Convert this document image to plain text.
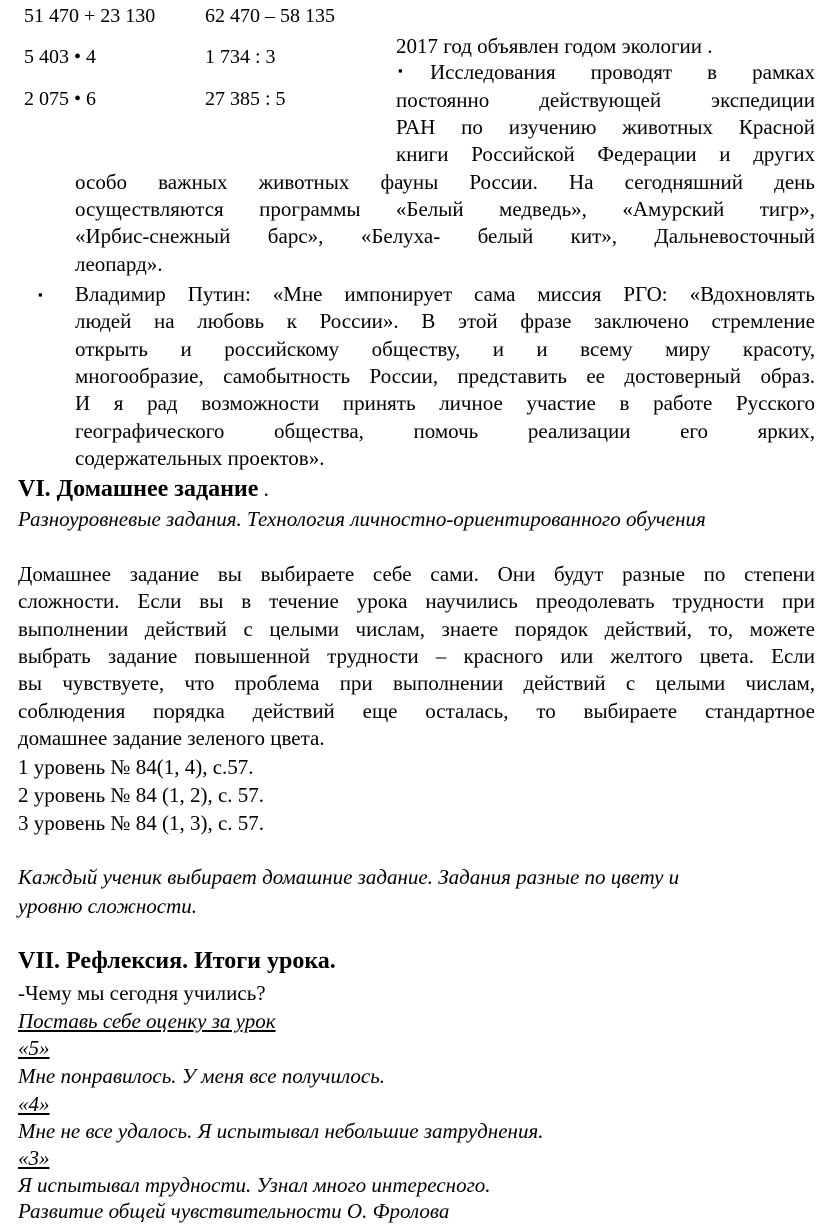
51 470 + 23 130 62 470 – 58 135
5 403 • 4	1 734 : 3
2 075 • 6	27 385 : 5
2017 год объявлен годом экологии .
▪ Исследования проводят в рамках
постоянно действующей экспедиции
РАН по изучению животных Красной
книги Российской Федерации и других
особо важных животных фауны России. На сегодняшний день
осуществляются программы «Белый медведь», «Амурский тигр»,
«Ирбис-снежный барс», «Белуха- белый кит», Дальневосточный
леопард».
▪ Владимир Путин: «Мне импонирует сама миссия РГО: «Вдохновлять
людей на любовь к России». В этой фразе заключено стремление
открыть и российскому обществу, и и всему миру красоту,
многообразие, самобытность России, представить ее достоверный образ.
И я рад возможности принять личное участие в работе Русского
географического общества, помочь реализации его ярких,
содержательных проектов».
VI. Домашнее задание .
Разноуровневые задания. Технология личностно-ориентированного обучения
Домашнее задание вы выбираете себе сами. Они будут разные по степени
сложности. Если вы в течение урока научились преодолевать трудности при
выполнении действий с целыми числам, знаете порядок действий, то, можете
выбрать задание повышенной трудности – красного или желтого цвета. Если
вы чувствуете, что проблема при выполнении действий с целыми числам,
соблюдения порядка действий еще осталась, то выбираете стандартное
домашнее задание зеленого цвета.
1 уровень № 84(1, 4), с.57.
2 уровень № 84 (1, 2), с. 57.
3 уровень № 84 (1, 3), с. 57.
Каждый ученик выбирает домашние задание. Задания разные по цвету и
уровню сложности.
VII. Рефлексия. Итоги урока.
-Чему мы сегодня учились?
Поставь себе оценку за урок
«5»
Мне понравилось. У меня все получилось.
«4»
Мне не все удалось. Я испытывал небольшие затруднения.
«3»
Я испытывал трудности. Узнал много интересного.
Развитие общей чувствительности О. Фролова
